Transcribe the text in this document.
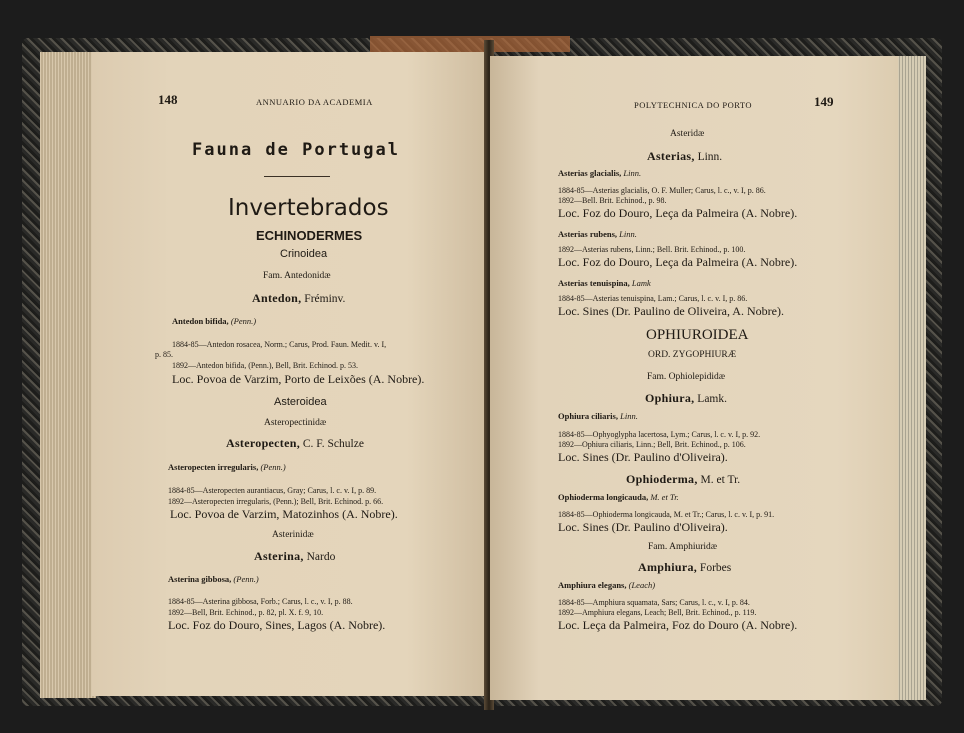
148	ANNUARIO DA ACADEMIA
Fauna de Portugal
Invertebrados
ECHINODERMES
Crinoidea
Fam. Antedonidæ
Antedon, Fréminv.
Antedon bifida, (Penn.)
1884-85—Antedon rosacea, Norm.; Carus, Prod. Faun. Medit. v. I,
p. 85.
1892—Antedon bifida, (Penn.), Bell, Brit. Echinod. p. 53.
Loc. Povoa de Varzim, Porto de Leixões (A. Nobre).
Asteroidea
Asteropectinidæ
Asteropecten, C. F. Schulze
Asteropecten irregularis, (Penn.)
1884-85—Asteropecten aurantiacus, Gray; Carus, l. c. v. I, p. 89.
1892—Asteropecten irregularis, (Penn.); Bell, Brit. Echinod. p. 66.
Loc. Povoa de Varzim, Matozinhos (A. Nobre).
Asterinidæ
Asterina, Nardo
Asterina gibbosa, (Penn.)
1884-85—Asterina gibbosa, Forb.; Carus, l. c., v. I, p. 88.
1892—Bell, Brit. Echinod., p. 82, pl. X. f. 9, 10.
Loc. Foz do Douro, Sines, Lagos (A. Nobre).
POLYTECHNICA DO PORTO	149
Asteridæ
Asterias, Linn.
Asterias glacialis, Linn.
1884-85—Asterias glacialis, O. F. Muller; Carus, l. c., v. I, p. 86.
1892—Bell. Brit. Echinod., p. 98.
Loc. Foz do Douro, Leça da Palmeira (A. Nobre).
Asterias rubens, Linn.
1892—Asterias rubens, Linn.; Bell. Brit. Echinod., p. 100.
Loc. Foz do Douro, Leça da Palmeira (A. Nobre).
Asterias tenuispina, Lamk
1884-85—Asterias tenuispina, Lam.; Carus, l. c. v. I, p. 86.
Loc. Sines (Dr. Paulino de Oliveira, A. Nobre).
OPHIUROIDEA
ORD. ZYGOPHIURÆ
Fam. Ophiolepididæ
Ophiura, Lamk.
Ophiura ciliaris, Linn.
1884-85—Ophyoglypha lacertosa, Lym.; Carus, l. c. v. I, p. 92.
1892—Ophiura ciliaris, Linn.; Bell, Brit. Echinod., p. 106.
Loc. Sines (Dr. Paulino d'Oliveira).
Ophioderma, M. et Tr.
Ophioderma longicauda, M. et Tr.
1884-85—Ophioderma longicauda, M. et Tr.; Carus, l. c. v. I, p. 91.
Loc. Sines (Dr. Paulino d'Oliveira).
Fam. Amphiuridæ
Amphiura, Forbes
Amphiura elegans, (Leach)
1884-85—Amphiura squamata, Sars; Carus, l. c., v. I, p. 84.
1892—Amphiura elegans, Leach; Bell, Brit. Echinod., p. 119.
Loc. Leça da Palmeira, Foz do Douro (A. Nobre).
